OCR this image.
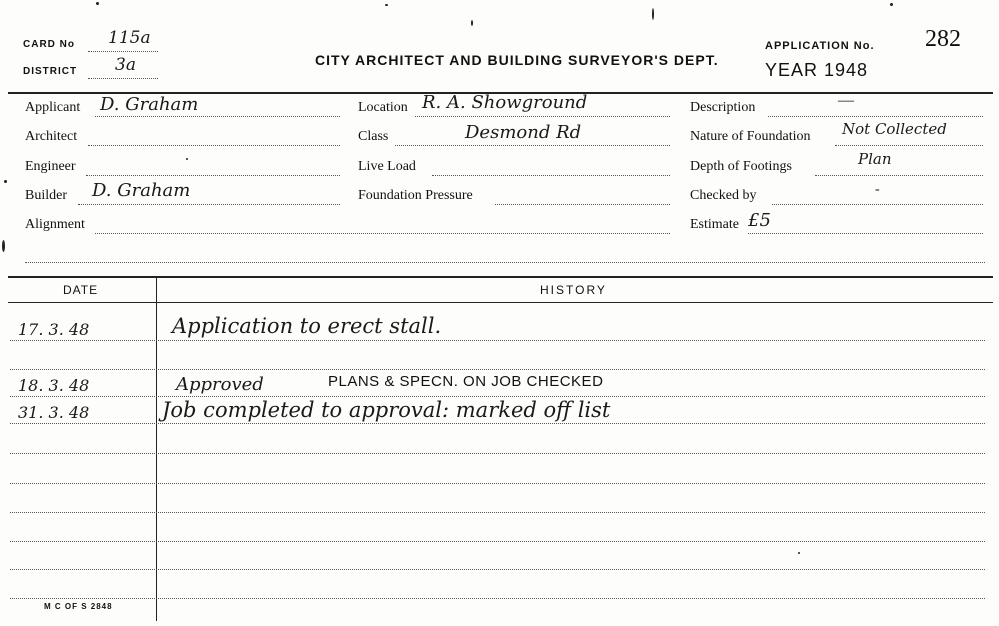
CARD No 115a
DISTRICT 3a	CITY ARCHITECT AND BUILDING SURVEYOR'S DEPT.
APPLICATION No. 282
YEAR 1948
Applicant D. Graham
Architect
Engineer
Builder D. Graham
Alignment
Location R. A. Showground
Class	Desmond Rd
Live Load
Foundation Pressure
Description	—
Nature of Foundation Not Collected
Depth of Footings	Plan
Checked by	-
Estimate £5
DATE	HISTORY
17. 3. 48	Application to erect stall.
18. 3. 48	Approved	PLANS & SPECN. ON JOB CHECKED
31. 3. 48	Job completed to approval: marked off list
M C OF S 2848
